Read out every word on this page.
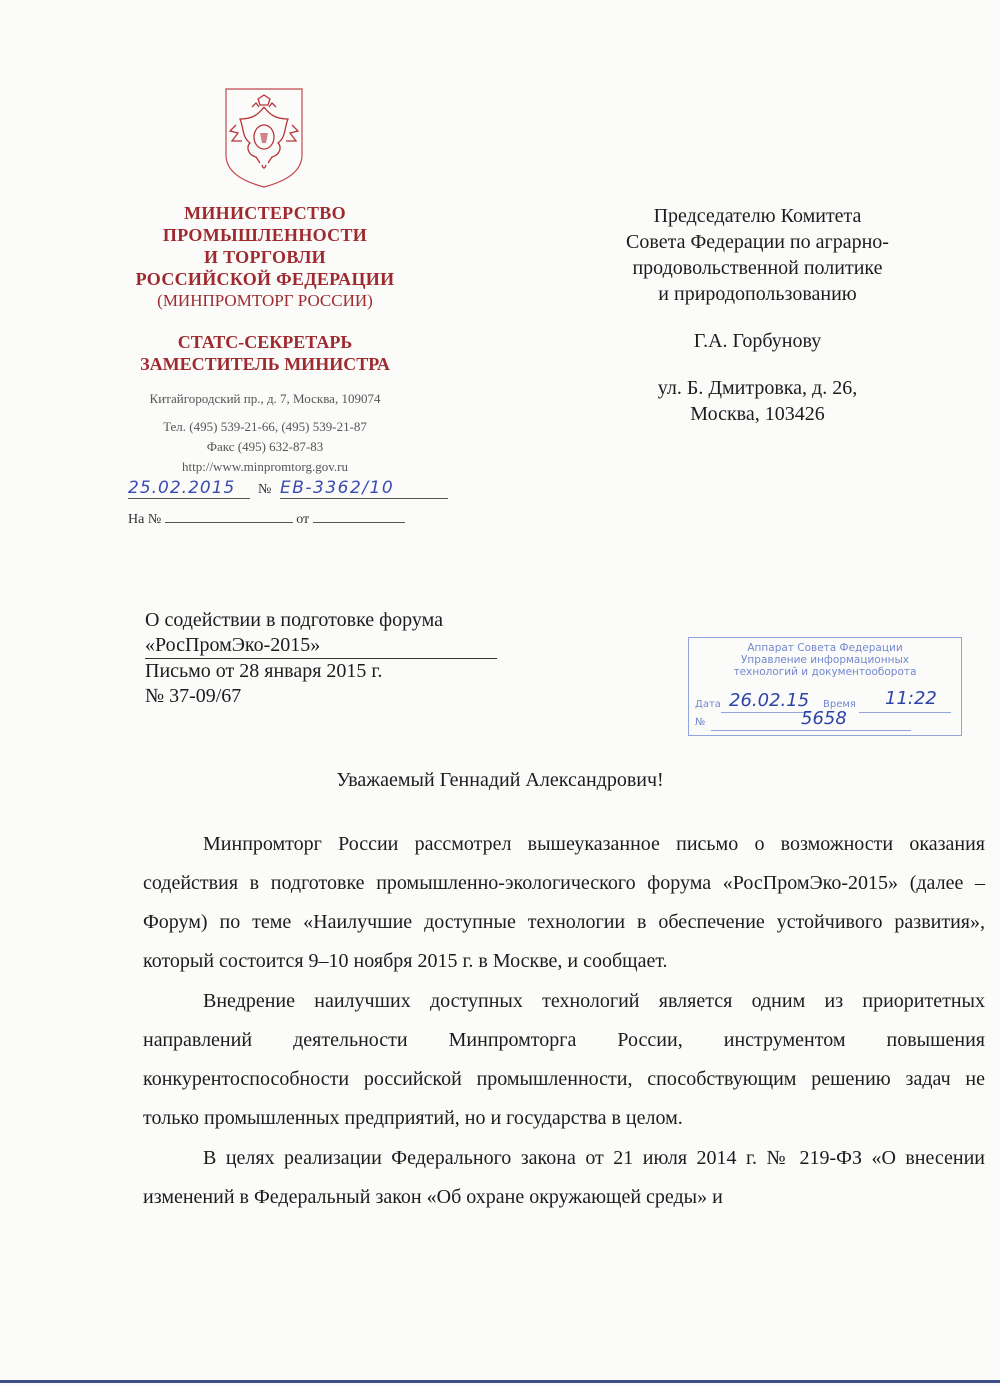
МИНИСТЕРСТВО
ПРОМЫШЛЕННОСТИ
И ТОРГОВЛИ
РОССИЙСКОЙ ФЕДЕРАЦИИ
(МИНПРОМТОРГ РОССИИ)
СТАТС-СЕКРЕТАРЬ
ЗАМЕСТИТЕЛЬ МИНИСТРА
Китайгородский пр., д. 7, Москва, 109074
Тел. (495) 539-21-66, (495) 539-21-87
Факс (495) 632-87-83
http://www.minpromtorg.gov.ru
25.02.2015	№ ЕВ-3362/10
На №	от
Председателю Комитета
Совета Федерации по аграрно-
продовольственной политике
и природопользованию
Г.А. Горбунову
ул. Б. Дмитровка, д. 26,
Москва, 103426
О содействии в подготовке форума
«РосПромЭко-2015»
Письмо от 28 января 2015 г.
№ 37-09/67
Аппарат Совета Федерации
Управление информационных
технологий и документооборота
Дата 26.02.15 Время 11:22
№	5658
Уважаемый Геннадий Александрович!

Минпромторг России рассмотрел вышеуказанное письмо о возможности оказания содействия в подготовке промышленно-экологического форума «РосПромЭко-2015» (далее – Форум) по теме «Наилучшие доступные технологии в обеспечение устойчивого развития», который состоится 9–10 ноября 2015 г. в Москве, и сообщает.

Внедрение наилучших доступных технологий является одним из приоритетных направлений деятельности Минпромторга России, инструментом повышения конкурентоспособности российской промышленности, способствующим решению задач не только промышленных предприятий, но и государства в целом.

В целях реализации Федерального закона от 21 июля 2014 г. № 219-ФЗ «О внесении изменений в Федеральный закон «Об охране окружающей среды» и
